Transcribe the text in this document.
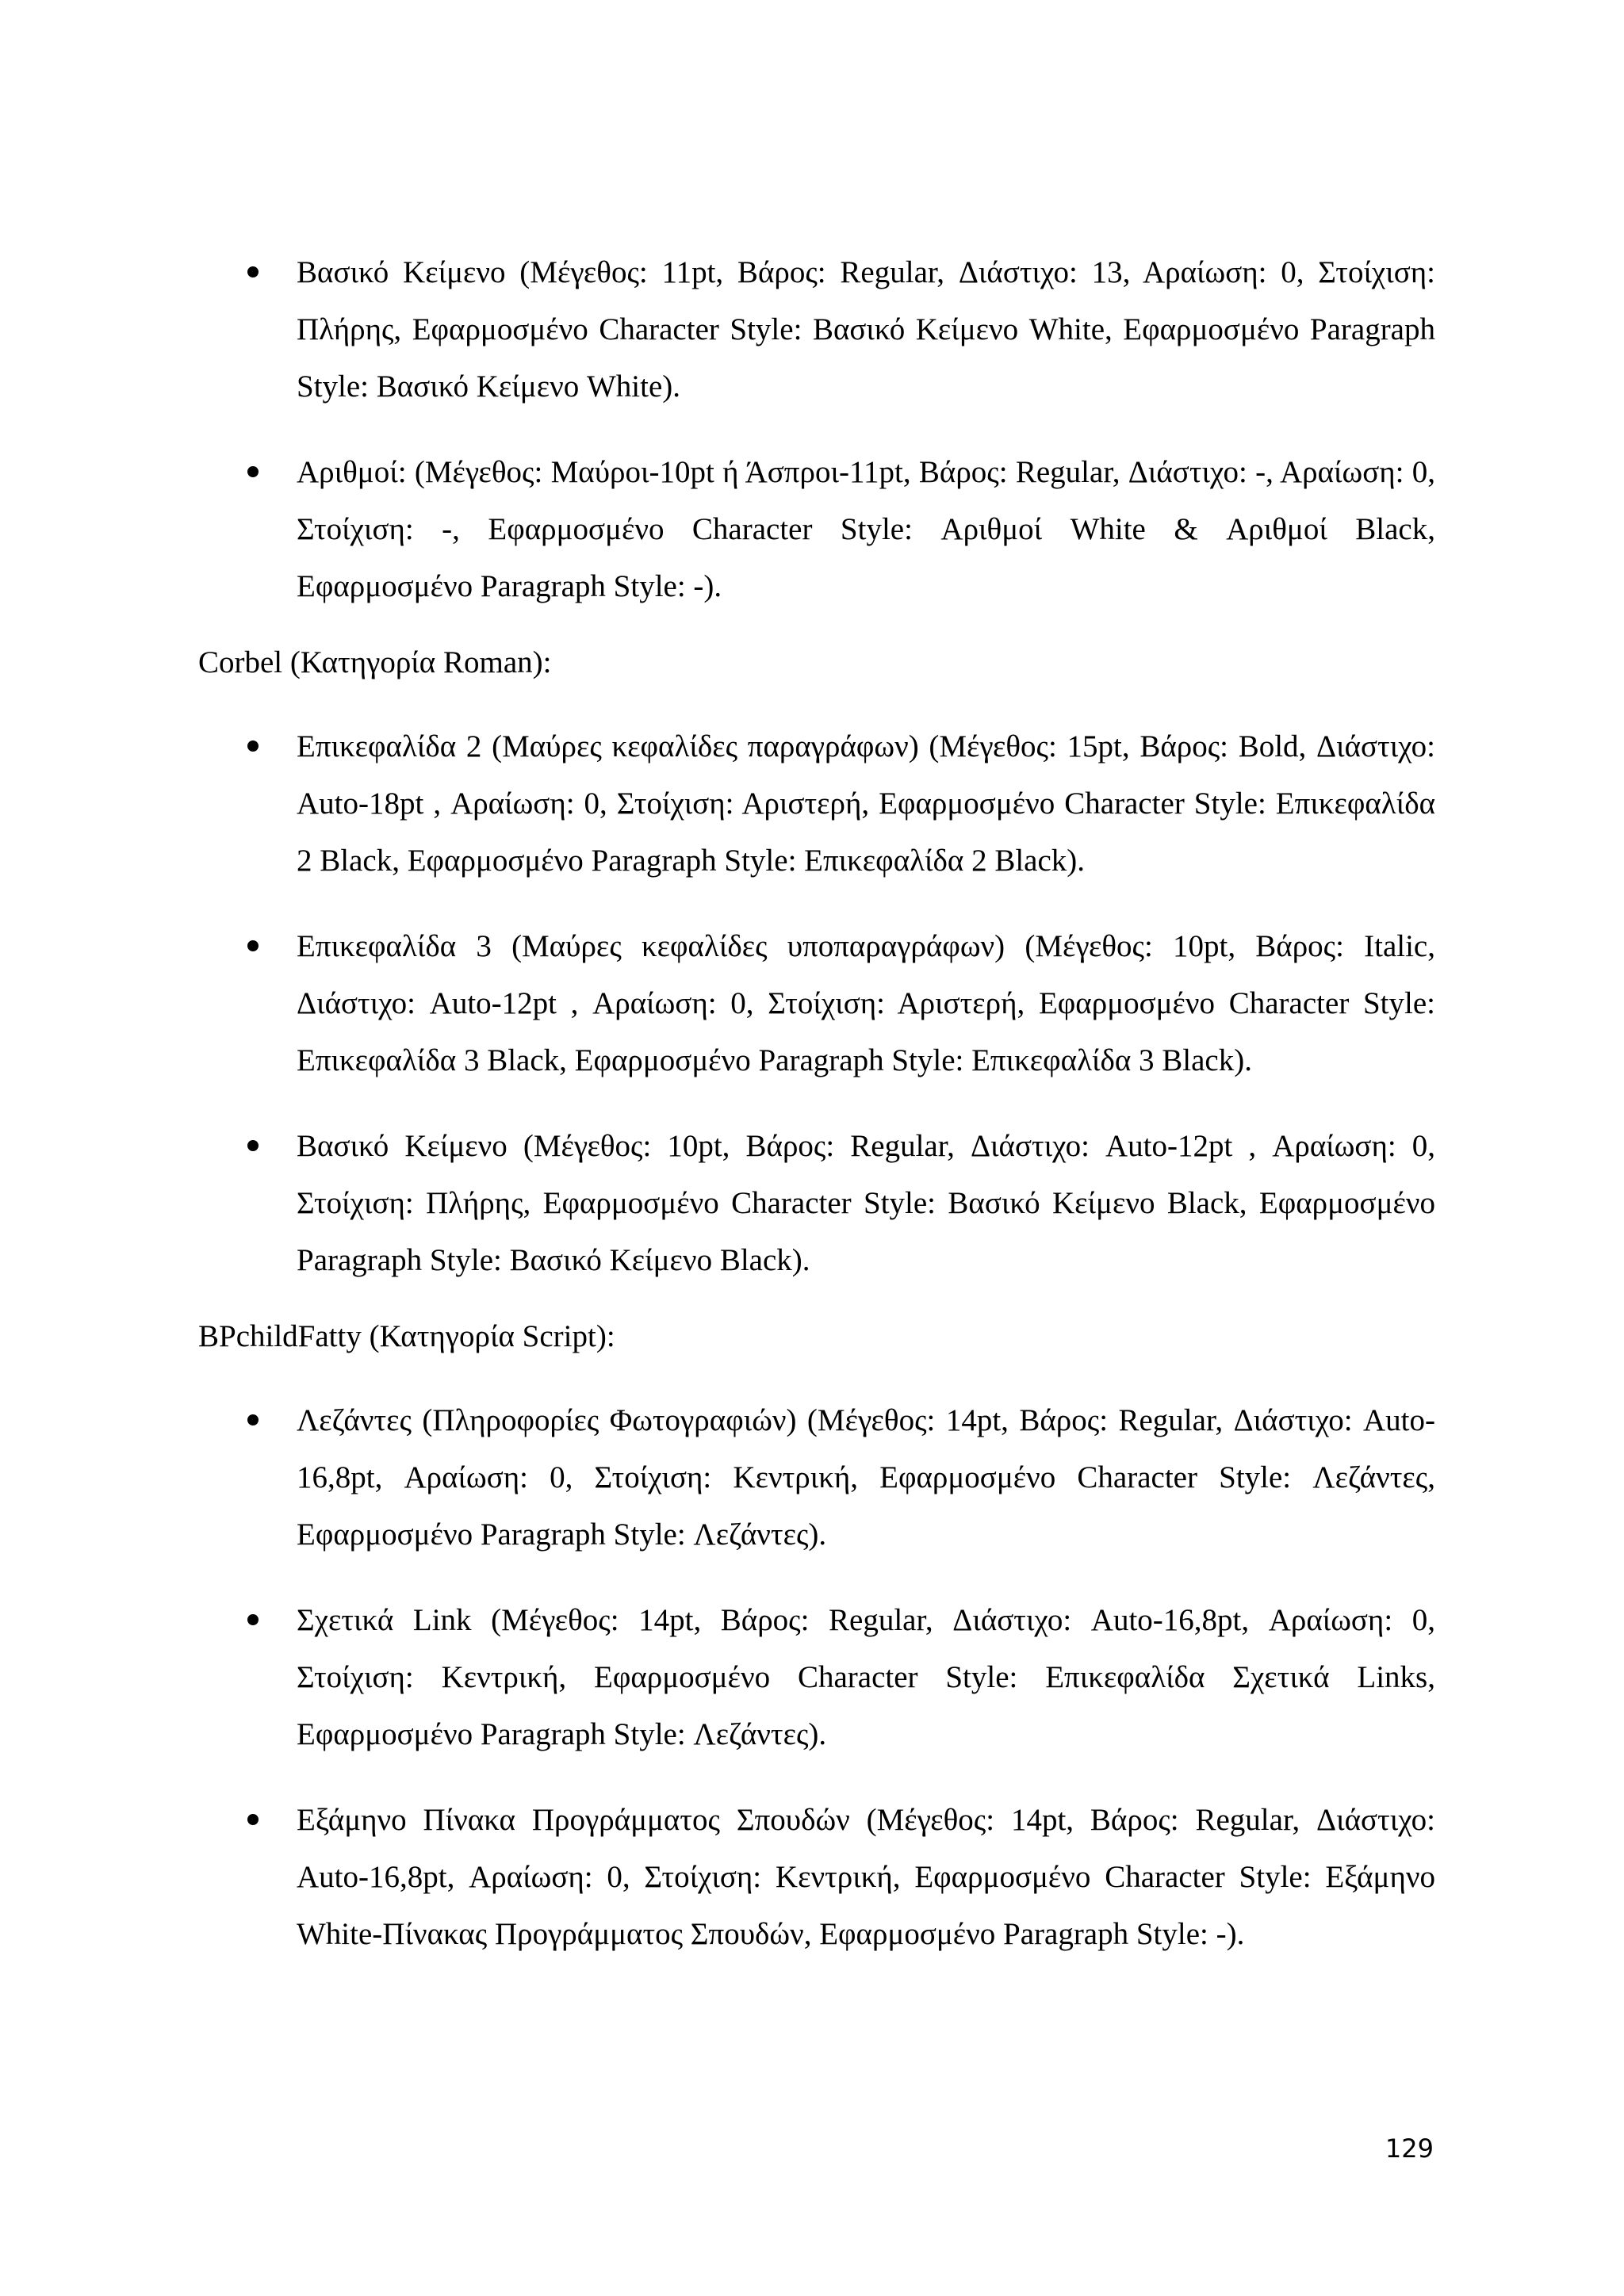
Βασικό Κείμενο (Μέγεθος: 11pt, Βάρος: Regular, Διάστιχο: 13, Αραίωση: 0, Στοίχιση: Πλήρης, Εφαρμοσμένο Character Style: Βασικό Κείμενο White, Εφαρμοσμένο Paragraph Style: Βασικό Κείμενο White).
Αριθμοί: (Μέγεθος: Μαύροι-10pt ή Άσπροι-11pt, Βάρος: Regular, Διάστιχο: -, Αραίωση: 0, Στοίχιση: -, Εφαρμοσμένο Character Style: Αριθμοί White & Αριθμοί Black, Εφαρμοσμένο Paragraph Style: -).

Corbel (Κατηγορία Roman):

Επικεφαλίδα 2 (Μαύρες κεφαλίδες παραγράφων) (Μέγεθος: 15pt, Βάρος: Bold, Διάστιχο: Auto-18pt , Αραίωση: 0, Στοίχιση: Αριστερή, Εφαρμοσμένο Character Style: Επικεφαλίδα 2 Black, Εφαρμοσμένο Paragraph Style: Επικεφαλίδα 2 Black).
Επικεφαλίδα 3 (Μαύρες κεφαλίδες υποπαραγράφων) (Μέγεθος: 10pt, Βάρος: Italic, Διάστιχο: Auto-12pt , Αραίωση: 0, Στοίχιση: Αριστερή, Εφαρμοσμένο Character Style: Επικεφαλίδα 3 Black, Εφαρμοσμένο Paragraph Style: Επικεφαλίδα 3 Black).
Βασικό Κείμενο (Μέγεθος: 10pt, Βάρος: Regular, Διάστιχο: Auto-12pt , Αραίωση: 0, Στοίχιση: Πλήρης, Εφαρμοσμένο Character Style: Βασικό Κείμενο Black, Εφαρμοσμένο Paragraph Style: Βασικό Κείμενο Black).

BPchildFatty (Κατηγορία Script):

Λεζάντες (Πληροφορίες Φωτογραφιών) (Μέγεθος: 14pt, Βάρος: Regular, Διάστιχο: Auto-16,8pt, Αραίωση: 0, Στοίχιση: Κεντρική, Εφαρμοσμένο Character Style: Λεζάντες, Εφαρμοσμένο Paragraph Style: Λεζάντες).
Σχετικά Link (Μέγεθος: 14pt, Βάρος: Regular, Διάστιχο: Auto-16,8pt, Αραίωση: 0, Στοίχιση: Κεντρική, Εφαρμοσμένο Character Style: Επικεφαλίδα Σχετικά Links, Εφαρμοσμένο Paragraph Style: Λεζάντες).
Εξάμηνο Πίνακα Προγράμματος Σπουδών (Μέγεθος: 14pt, Βάρος: Regular, Διάστιχο: Auto-16,8pt, Αραίωση: 0, Στοίχιση: Κεντρική, Εφαρμοσμένο Character Style: Εξάμηνο White-Πίνακας Προγράμματος Σπουδών, Εφαρμοσμένο Paragraph Style: -).
129
